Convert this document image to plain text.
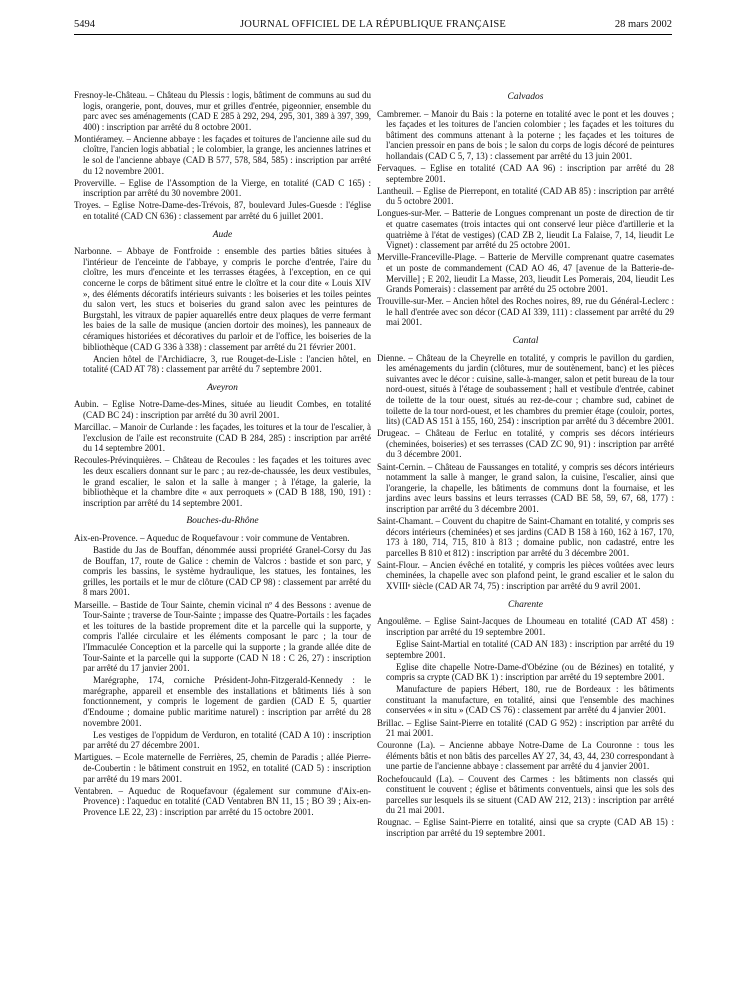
5494	JOURNAL OFFICIEL DE LA RÉPUBLIQUE FRANÇAISE	28 mars 2002

Fresnoy-le-Château. – Château du Plessis : logis, bâtiment de communs au sud du logis, orangerie, pont, douves, mur et grilles d'entrée, pigeonnier, ensemble du parc avec ses aménagements (CAD E 285 à 292, 294, 295, 301, 389 à 397, 399, 400) : inscription par arrêté du 8 octobre 2001.

Montiéramey. – Ancienne abbaye : les façades et toitures de l'ancienne aile sud du cloître, l'ancien logis abbatial ; le colombier, la grange, les anciennes latrines et le sol de l'ancienne abbaye (CAD B 577, 578, 584, 585) : inscription par arrêté du 12 novembre 2001.

Proverville. – Eglise de l'Assomption de la Vierge, en totalité (CAD C 165) : inscription par arrêté du 30 novembre 2001.

Troyes. – Eglise Notre-Dame-des-Trévois, 87, boulevard Jules-Guesde : l'église en totalité (CAD CN 636) : classement par arrêté du 6 juillet 2001.

Aude

Narbonne. – Abbaye de Fontfroide : ensemble des parties bâties situées à l'intérieur de l'enceinte de l'abbaye, y compris le porche d'entrée, l'aire du cloître, les murs d'enceinte et les terrasses étagées, à l'exception, en ce qui concerne le corps de bâtiment situé entre le cloître et la cour dite « Louis XIV », des éléments décoratifs intérieurs suivants : les boiseries et les toiles peintes du salon vert, les stucs et boiseries du grand salon avec les peintures de Burgstahl, les vitraux de papier aquarellés entre deux plaques de verre fermant les baies de la salle de musique (ancien dortoir des moines), les panneaux de céramiques historiées et décoratives du parloir et de l'office, les boiseries de la bibliothèque (CAD G 336 à 338) : classement par arrêté du 21 février 2001.

Ancien hôtel de l'Archidiacre, 3, rue Rouget-de-Lisle : l'ancien hôtel, en totalité (CAD AT 78) : classement par arrêté du 7 septembre 2001.

Aveyron

Aubin. – Eglise Notre-Dame-des-Mines, située au lieudit Combes, en totalité (CAD BC 24) : inscription par arrêté du 30 avril 2001.

Marcillac. – Manoir de Curlande : les façades, les toitures et la tour de l'escalier, à l'exclusion de l'aile est reconstruite (CAD B 284, 285) : inscription par arrêté du 14 septembre 2001.

Recoules-Prévinquières. – Château de Recoules : les façades et les toitures avec les deux escaliers donnant sur le parc ; au rez-de-chaussée, les deux vestibules, le grand escalier, le salon et la salle à manger ; à l'étage, la galerie, la bibliothèque et la chambre dite « aux perroquets » (CAD B 188, 190, 191) : inscription par arrêté du 14 septembre 2001.

Bouches-du-Rhône

Aix-en-Provence. – Aqueduc de Roquefavour : voir commune de Ventabren.

Bastide du Jas de Bouffan, dénommée aussi propriété Granel-Corsy du Jas de Bouffan, 17, route de Galice : chemin de Valcros : bastide et son parc, y compris les bassins, le système hydraulique, les statues, les fontaines, les grilles, les portails et le mur de clôture (CAD CP 98) : classement par arrêté du 8 mars 2001.

Marseille. – Bastide de Tour Sainte, chemin vicinal nº 4 des Bessons : avenue de Tour-Sainte ; traverse de Tour-Sainte ; impasse des Quatre-Portails : les façades et les toitures de la bastide proprement dite et la parcelle qui la supporte, y compris l'allée circulaire et les éléments composant le parc ; la tour de l'Immaculée Conception et la parcelle qui la supporte ; la grande allée dite de Tour-Sainte et la parcelle qui la supporte (CAD N 18 : C 26, 27) : inscription par arrêté du 17 janvier 2001.

Marégraphe, 174, corniche Président-John-Fitzgerald-Kennedy : le marégraphe, appareil et ensemble des installations et bâtiments liés à son fonctionnement, y compris le logement de gardien (CAD E 5, quartier d'Endoume ; domaine public maritime naturel) : inscription par arrêté du 28 novembre 2001.

Les vestiges de l'oppidum de Verduron, en totalité (CAD A 10) : inscription par arrêté du 27 décembre 2001.

Martigues. – Ecole maternelle de Ferrières, 25, chemin de Paradis ; allée Pierre-de-Coubertin : le bâtiment construit en 1952, en totalité (CAD 5) : inscription par arrêté du 19 mars 2001.

Ventabren. – Aqueduc de Roquefavour (également sur commune d'Aix-en-Provence) : l'aqueduc en totalité (CAD Ventabren BN 11, 15 ; BO 39 ; Aix-en-Provence LE 22, 23) : inscription par arrêté du 15 octobre 2001.

Calvados

Cambremer. – Manoir du Bais : la poterne en totalité avec le pont et les douves ; les façades et les toitures de l'ancien colombier ; les façades et les toitures du bâtiment des communs attenant à la poterne ; les façades et les toitures de l'ancien pressoir en pans de bois ; le salon du corps de logis décoré de peintures hollandais (CAD C 5, 7, 13) : classement par arrêté du 13 juin 2001.

Fervaques. – Eglise en totalité (CAD AA 96) : inscription par arrêté du 28 septembre 2001.

Lantheuil. – Eglise de Pierrepont, en totalité (CAD AB 85) : inscription par arrêté du 5 octobre 2001.

Longues-sur-Mer. – Batterie de Longues comprenant un poste de direction de tir et quatre casemates (trois intactes qui ont conservé leur pièce d'artillerie et la quatrième à l'état de vestiges) (CAD ZB 2, lieudit La Falaise, 7, 14, lieudit Le Vignet) : classement par arrêté du 25 octobre 2001.

Merville-Franceville-Plage. – Batterie de Merville comprenant quatre casemates et un poste de commandement (CAD AO 46, 47 [avenue de la Batterie-de-Merville] ; E 202, lieudit La Masse, 203, lieudit Les Pomerais, 204, lieudit Les Grands Pomerais) : classement par arrêté du 25 octobre 2001.

Trouville-sur-Mer. – Ancien hôtel des Roches noires, 89, rue du Général-Leclerc : le hall d'entrée avec son décor (CAD AI 339, 111) : classement par arrêté du 29 mai 2001.

Cantal

Dienne. – Château de la Cheyrelle en totalité, y compris le pavillon du gardien, les aménagements du jardin (clôtures, mur de soutènement, banc) et les pièces suivantes avec le décor : cuisine, salle-à-manger, salon et petit bureau de la tour nord-ouest, situés à l'étage de soubassement ; hall et vestibule d'entrée, cabinet de toilette de la tour ouest, situés au rez-de-cour ; chambre sud, cabinet de toilette de la tour nord-ouest, et les chambres du premier étage (couloir, portes, lits) (CAD AS 151 à 155, 160, 254) : inscription par arrêté du 3 décembre 2001.

Drugeac. – Château de Ferluc en totalité, y compris ses décors intérieurs (cheminées, boiseries) et ses terrasses (CAD ZC 90, 91) : inscription par arrêté du 3 décembre 2001.

Saint-Cernin. – Château de Faussanges en totalité, y compris ses décors intérieurs notamment la salle à manger, le grand salon, la cuisine, l'escalier, ainsi que l'orangerie, la chapelle, les bâtiments de communs dont la fournaise, et les jardins avec leurs bassins et leurs terrasses (CAD BE 58, 59, 67, 68, 177) : inscription par arrêté du 3 décembre 2001.

Saint-Chamant. – Couvent du chapitre de Saint-Chamant en totalité, y compris ses décors intérieurs (cheminées) et ses jardins (CAD B 158 à 160, 162 à 167, 170, 173 à 180, 714, 715, 810 à 813 ; domaine public, non cadastré, entre les parcelles B 810 et 812) : inscription par arrêté du 3 décembre 2001.

Saint-Flour. – Ancien évêché en totalité, y compris les pièces voûtées avec leurs cheminées, la chapelle avec son plafond peint, le grand escalier et le salon du XVIIIᵉ siècle (CAD AR 74, 75) : inscription par arrêté du 9 avril 2001.

Charente

Angoulême. – Eglise Saint-Jacques de Lhoumeau en totalité (CAD AT 458) : inscription par arrêté du 19 septembre 2001.

Eglise Saint-Martial en totalité (CAD AN 183) : inscription par arrêté du 19 septembre 2001.

Eglise dite chapelle Notre-Dame-d'Obézine (ou de Bézines) en totalité, y compris sa crypte (CAD BK 1) : inscription par arrêté du 19 septembre 2001.

Manufacture de papiers Hébert, 180, rue de Bordeaux : les bâtiments constituant la manufacture, en totalité, ainsi que l'ensemble des machines conservées « in situ » (CAD CS 76) : classement par arrêté du 4 janvier 2001.

Brillac. – Eglise Saint-Pierre en totalité (CAD G 952) : inscription par arrêté du 21 mai 2001.

Couronne (La). – Ancienne abbaye Notre-Dame de La Couronne : tous les éléments bâtis et non bâtis des parcelles AY 27, 34, 43, 44, 230 correspondant à une partie de l'ancienne abbaye : classement par arrêté du 4 janvier 2001.

Rochefoucauld (La). – Couvent des Carmes : les bâtiments non classés qui constituent le couvent ; église et bâtiments conventuels, ainsi que les sols des parcelles sur lesquels ils se situent (CAD AW 212, 213) : inscription par arrêté du 21 mai 2001.

Rougnac. – Eglise Saint-Pierre en totalité, ainsi que sa crypte (CAD AB 15) : inscription par arrêté du 19 septembre 2001.
